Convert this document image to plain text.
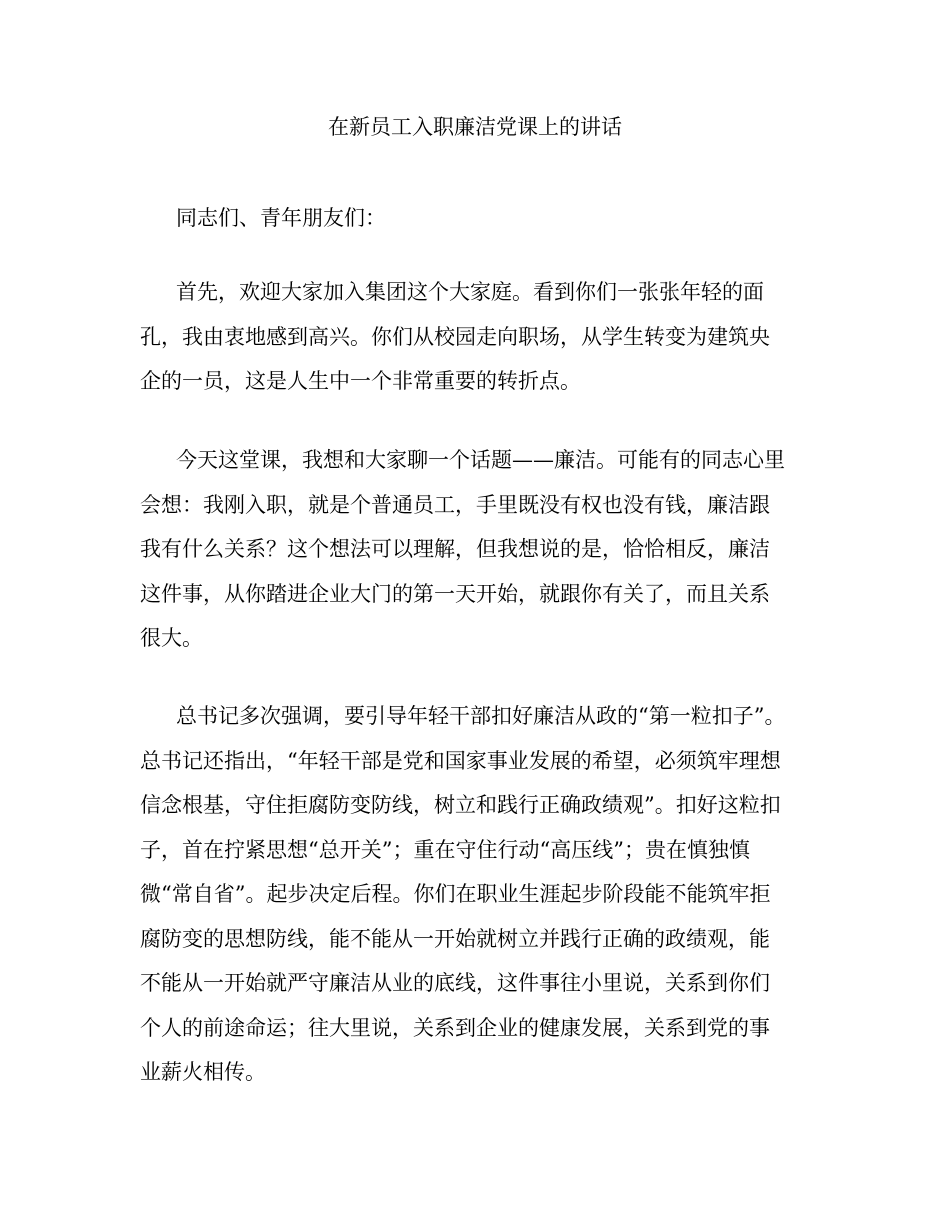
在新员工入职廉洁党课上的讲话

同志们、青年朋友们：

首先，欢迎大家加入集团这个大家庭。看到你们一张张年轻的面
孔，我由衷地感到高兴。你们从校园走向职场，从学生转变为建筑央
企的一员，这是人生中一个非常重要的转折点。
今天这堂课，我想和大家聊一个话题——廉洁。可能有的同志心里
会想：我刚入职，就是个普通员工，手里既没有权也没有钱，廉洁跟
我有什么关系？这个想法可以理解，但我想说的是，恰恰相反，廉洁
这件事，从你踏进企业大门的第一天开始，就跟你有关了，而且关系
很大。
总书记多次强调，要引导年轻干部扣好廉洁从政的“第一粒扣子”。
总书记还指出，“年轻干部是党和国家事业发展的希望，必须筑牢理想
信念根基，守住拒腐防变防线，树立和践行正确政绩观”。扣好这粒扣
子，首在拧紧思想“总开关”；重在守住行动“高压线”；贵在慎独慎
微“常自省”。起步决定后程。你们在职业生涯起步阶段能不能筑牢拒
腐防变的思想防线，能不能从一开始就树立并践行正确的政绩观，能
不能从一开始就严守廉洁从业的底线，这件事往小里说，关系到你们
个人的前途命运；往大里说，关系到企业的健康发展，关系到党的事
业薪火相传。
